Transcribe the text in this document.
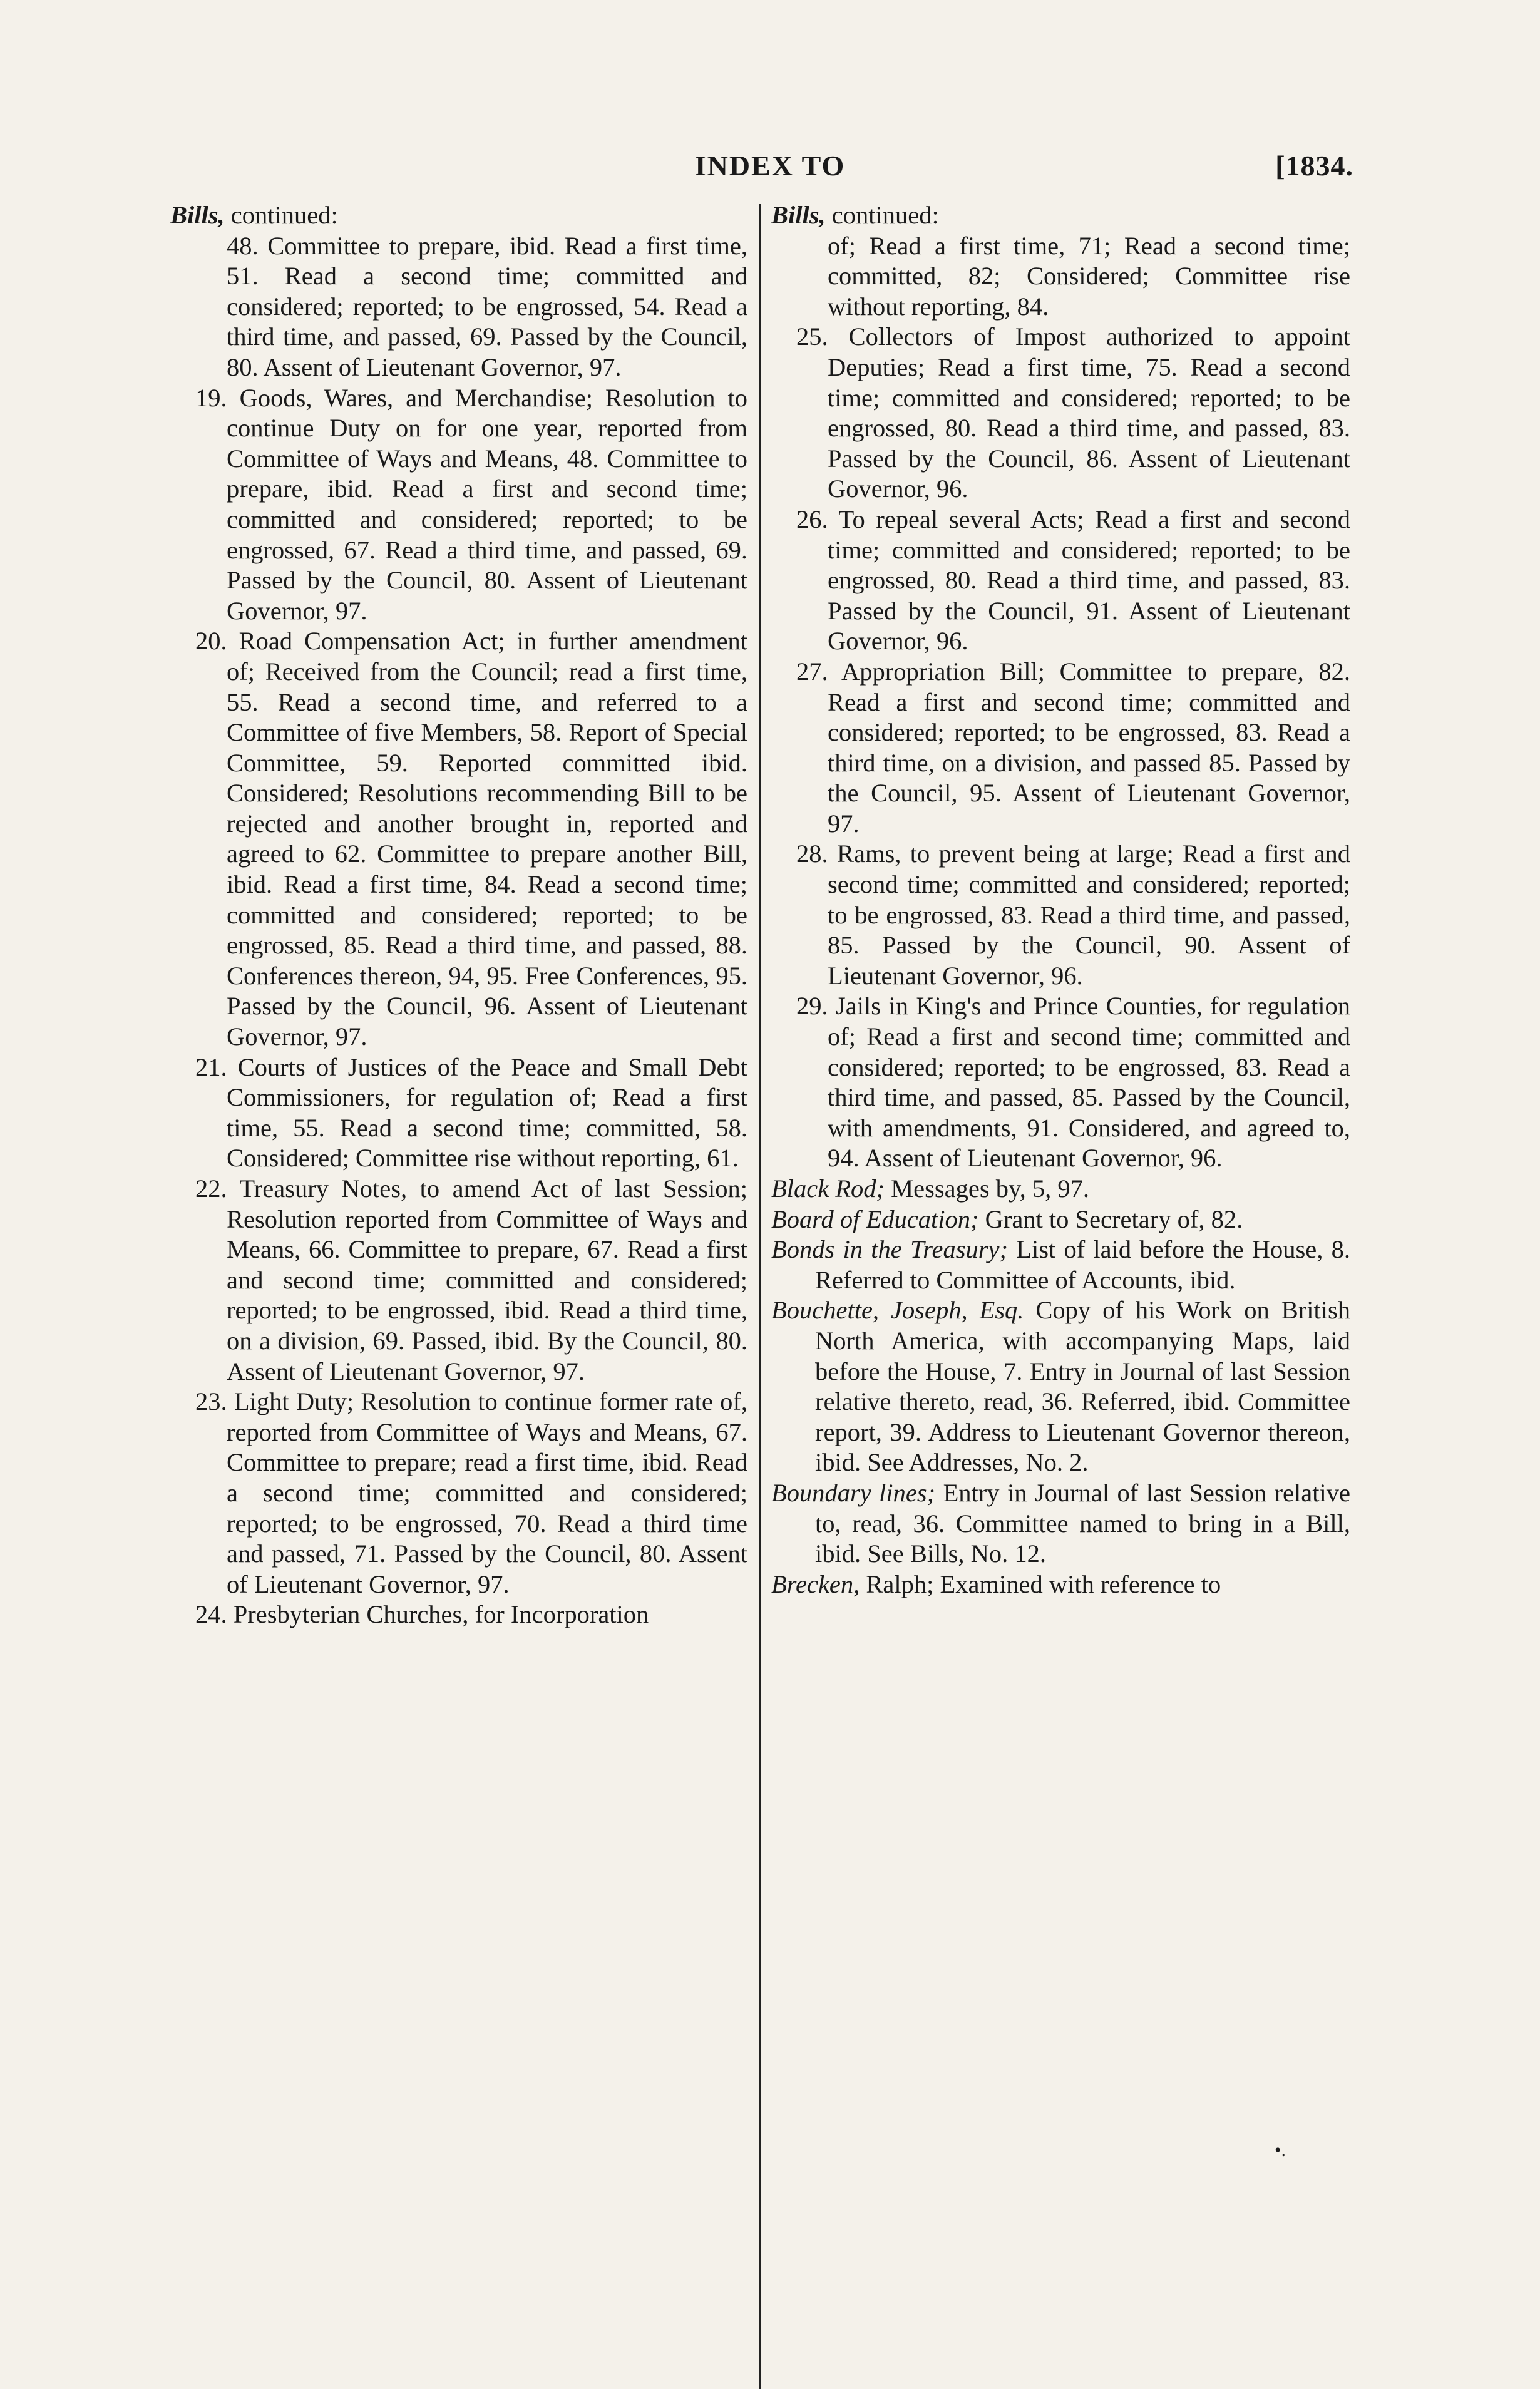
INDEX TO	[1834.

Bills, continued:

48. Committee to prepare, ibid. Read a first time, 51. Read a second time; committed and considered; reported; to be engrossed, 54. Read a third time, and passed, 69. Passed by the Council, 80. Assent of Lieutenant Governor, 97.

19. Goods, Wares, and Merchandise; Resolution to continue Duty on for one year, reported from Committee of Ways and Means, 48. Committee to prepare, ibid. Read a first and second time; committed and considered; reported; to be engrossed, 67. Read a third time, and passed, 69. Passed by the Council, 80. Assent of Lieutenant Governor, 97.

20. Road Compensation Act; in further amendment of; Received from the Council; read a first time, 55. Read a second time, and referred to a Committee of five Members, 58. Report of Special Committee, 59. Reported committed ibid. Considered; Resolutions recommending Bill to be rejected and another brought in, reported and agreed to 62. Committee to prepare another Bill, ibid. Read a first time, 84. Read a second time; committed and considered; reported; to be engrossed, 85. Read a third time, and passed, 88. Conferences thereon, 94, 95. Free Conferences, 95. Passed by the Council, 96. Assent of Lieutenant Governor, 97.

21. Courts of Justices of the Peace and Small Debt Commissioners, for regulation of; Read a first time, 55. Read a second time; committed, 58. Considered; Committee rise without reporting, 61.

22. Treasury Notes, to amend Act of last Session; Resolution reported from Committee of Ways and Means, 66. Committee to prepare, 67. Read a first and second time; committed and considered; reported; to be engrossed, ibid. Read a third time, on a division, 69. Passed, ibid. By the Council, 80. Assent of Lieutenant Governor, 97.

23. Light Duty; Resolution to continue former rate of, reported from Committee of Ways and Means, 67. Committee to prepare; read a first time, ibid. Read a second time; committed and considered; reported; to be engrossed, 70. Read a third time and passed, 71. Passed by the Council, 80. Assent of Lieutenant Governor, 97.

24. Presbyterian Churches, for Incorporation

Bills, continued:

of; Read a first time, 71; Read a second time; committed, 82; Considered; Committee rise without reporting, 84.

25. Collectors of Impost authorized to appoint Deputies; Read a first time, 75. Read a second time; committed and considered; reported; to be engrossed, 80. Read a third time, and passed, 83. Passed by the Council, 86. Assent of Lieutenant Governor, 96.

26. To repeal several Acts; Read a first and second time; committed and considered; reported; to be engrossed, 80. Read a third time, and passed, 83. Passed by the Council, 91. Assent of Lieutenant Governor, 96.

27. Appropriation Bill; Committee to prepare, 82. Read a first and second time; committed and considered; reported; to be engrossed, 83. Read a third time, on a division, and passed 85. Passed by the Council, 95. Assent of Lieutenant Governor, 97.

28. Rams, to prevent being at large; Read a first and second time; committed and considered; reported; to be engrossed, 83. Read a third time, and passed, 85. Passed by the Council, 90. Assent of Lieutenant Governor, 96.

29. Jails in King's and Prince Counties, for regulation of; Read a first and second time; committed and considered; reported; to be engrossed, 83. Read a third time, and passed, 85. Passed by the Council, with amendments, 91. Considered, and agreed to, 94. Assent of Lieutenant Governor, 96.

Black Rod; Messages by, 5, 97.

Board of Education; Grant to Secretary of, 82.

Bonds in the Treasury; List of laid before the House, 8. Referred to Committee of Accounts, ibid.

Bouchette, Joseph, Esq. Copy of his Work on British North America, with accompanying Maps, laid before the House, 7. Entry in Journal of last Session relative thereto, read, 36. Referred, ibid. Committee report, 39. Address to Lieutenant Governor thereon, ibid. See Addresses, No. 2.

Boundary lines; Entry in Journal of last Session relative to, read, 36. Committee named to bring in a Bill, ibid. See Bills, No. 12.

Brecken, Ralph; Examined with reference to

•.
